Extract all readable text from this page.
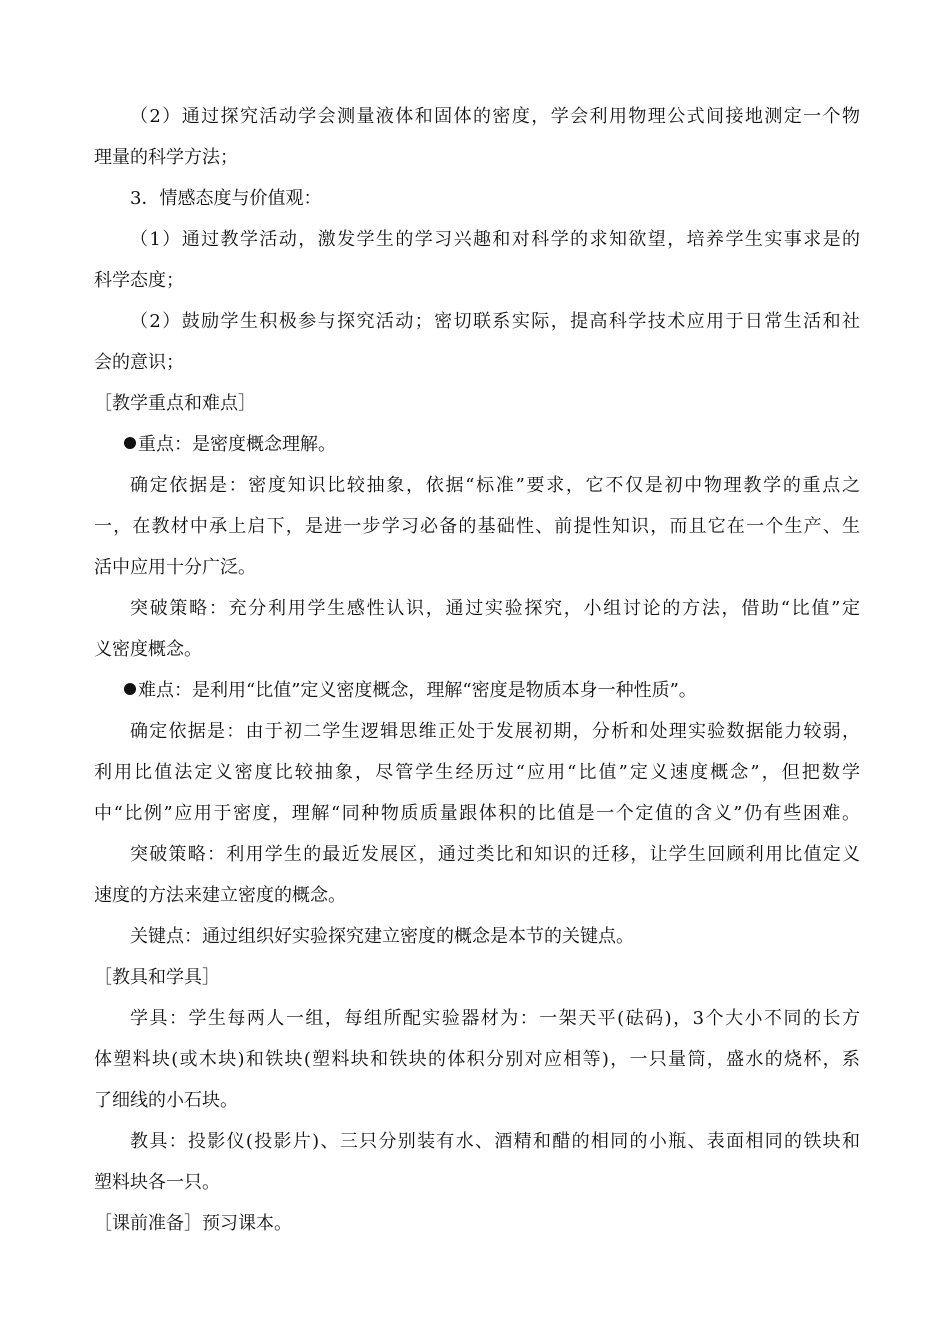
（2）通过探究活动学会测量液体和固体的密度，学会利用物理公式间接地测定一个物
理量的科学方法；
3．情感态度与价值观：
（1）通过教学活动，激发学生的学习兴趣和对科学的求知欲望，培养学生实事求是的
科学态度；
（2）鼓励学生积极参与探究活动；密切联系实际，提高科学技术应用于日常生活和社
会的意识；
［教学重点和难点］
重点：是密度概念理解。
确定依据是：密度知识比较抽象，依据“标准”要求，它不仅是初中物理教学的重点之
一，在教材中承上启下，是进一步学习必备的基础性、前提性知识，而且它在一个生产、生
活中应用十分广泛。
突破策略：充分利用学生感性认识，通过实验探究，小组讨论的方法，借助“比值”定
义密度概念。
难点：是利用“比值”定义密度概念，理解“密度是物质本身一种性质”。
确定依据是：由于初二学生逻辑思维正处于发展初期，分析和处理实验数据能力较弱，
利用比值法定义密度比较抽象，尽管学生经历过“应用“比值”定义速度概念”，但把数学
中“比例”应用于密度，理解“同种物质质量跟体积的比值是一个定值的含义”仍有些困难。
突破策略：利用学生的最近发展区，通过类比和知识的迁移，让学生回顾利用比值定义
速度的方法来建立密度的概念。
关键点：通过组织好实验探究建立密度的概念是本节的关键点。
［教具和学具］
学具：学生每两人一组，每组所配实验器材为：一架天平(砝码)，3个大小不同的长方
体塑料块(或木块)和铁块(塑料块和铁块的体积分别对应相等)，一只量筒，盛水的烧杯，系
了细线的小石块。
教具：投影仪(投影片)、三只分别装有水、酒精和醋的相同的小瓶、表面相同的铁块和
塑料块各一只。
［课前准备］预习课本。
